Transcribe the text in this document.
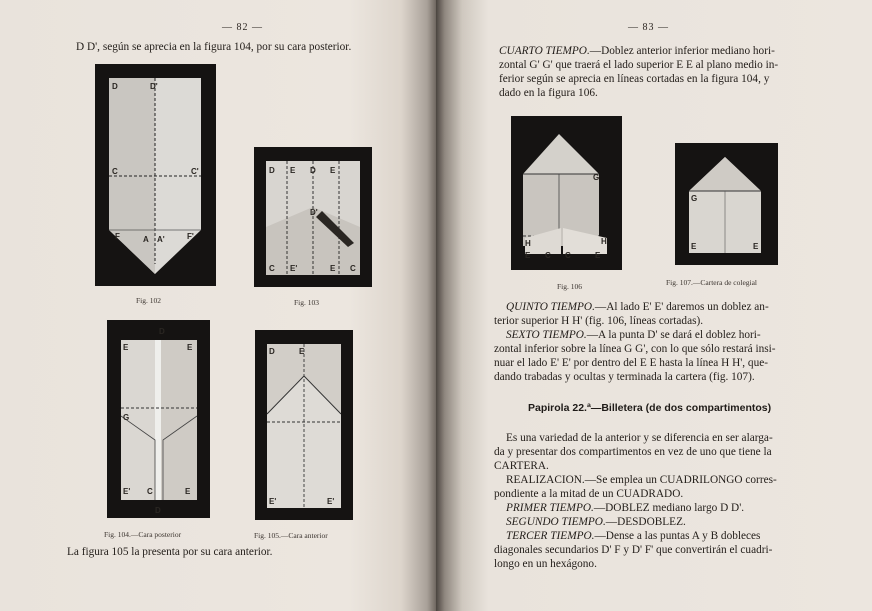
— 82 —
D D', según se aprecia en la figura 104, por su cara posterior.
D	D'
C	C'
F	A A'	F'
Fig. 102
D E D E
D'
C E'	E C
Fig. 103
D
E	E
G
E' C	E
D
Fig. 104.—Cara posterior
D	E
E'	E'
Fig. 105.—Cara anterior
La figura 105 la presenta por su cara anterior.
— 83 —
CUARTO TIEMPO.—Doblez anterior inferior mediano hori-
zontal G' G' que traerá el lado superior E E al plano medio in-
ferior según se aprecia en líneas cortadas en la figura 104, y
dado en la figura 106.
G
H
E C C	E
H
Fig. 106
G
E	E
Fig. 107.—Cartera de colegial
QUINTO TIEMPO.—Al lado E' E' daremos un doblez an-
terior superior H H' (fig. 106, líneas cortadas).
SEXTO TIEMPO.—A la punta D' se dará el doblez hori-
zontal inferior sobre la línea G G', con lo que sólo restará insi-
nuar el lado E' E' por dentro del E E hasta la línea H H', que-
dando trabadas y ocultas y terminada la cartera (fig. 107).
Papirola 22.ª—Billetera (de dos compartimentos)
Es una variedad de la anterior y se diferencia en ser alarga-
da y presentar dos compartimentos en vez de uno que tiene la
CARTERA.
REALIZACION.—Se emplea un CUADRILONGO corres-
pondiente a la mitad de un CUADRADO.
PRIMER TIEMPO.—DOBLEZ mediano largo D D'.
SEGUNDO TIEMPO.—DESDOBLEZ.
TERCER TIEMPO.—Dense a las puntas A y B dobleces
diagonales secundarios D' F y D' F' que convertirán el cuadri-
longo en un hexágono.
